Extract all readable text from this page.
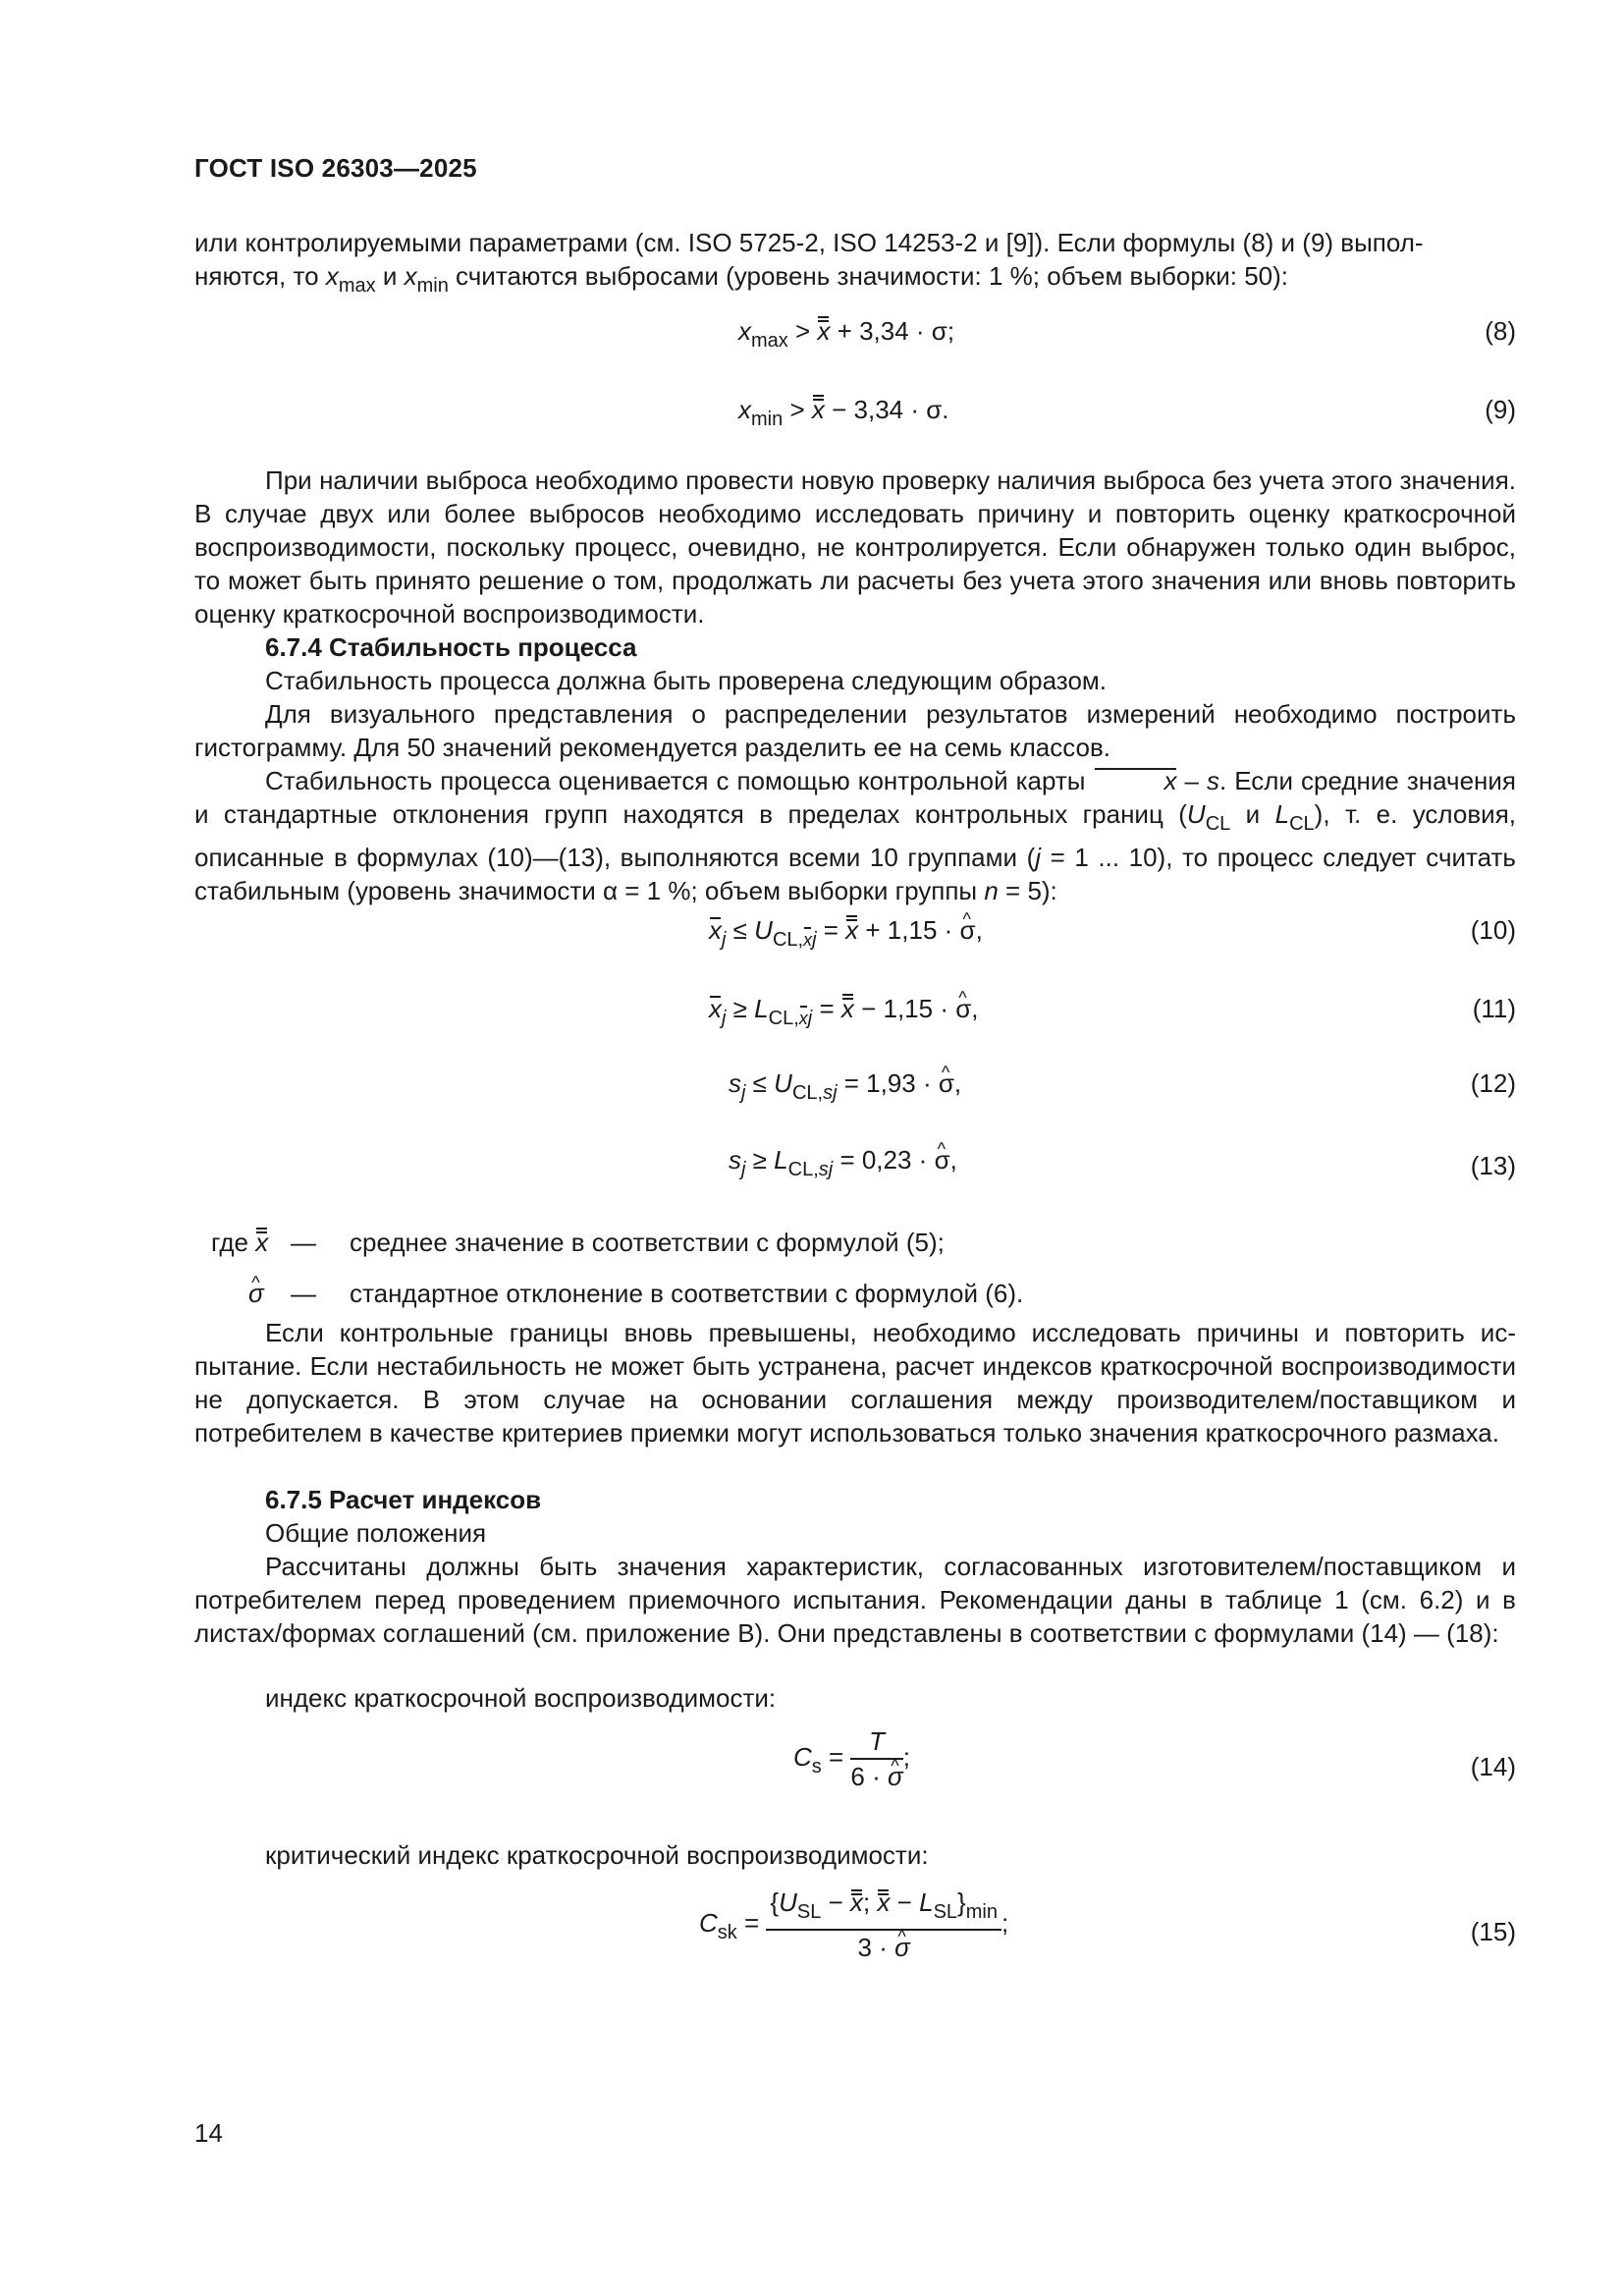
ГОСТ ISO 26303—2025
или контролируемыми параметрами (см. ISO 5725-2, ISO 14253-2 и [9]). Если формулы (8) и (9) выпол-
няются, то $x_{max}$ и $x_{min}$ считаются выбросами (уровень значимости: 1 %; объем выборки: 50):
$x_{max} > x + 3,34 \cdot \sigma$;	(8)
$x_{min} > x - 3,34 \cdot \sigma$.	(9)
При наличии выброса необходимо провести новую проверку наличия выброса без учета этого значения. В случае двух или более выбросов необходимо исследовать причину и повторить оценку краткосрочной воспроизводимости, поскольку процесс, очевидно, не контролируется. Если обнаружен только один выброс, то может быть принято решение о том, продолжать ли расчеты без учета этого значения или вновь повторить оценку краткосрочной воспроизводимости.
6.7.4 Стабильность процесса
Стабильность процесса должна быть проверена следующим образом.
Для визуального представления о распределении результатов измерений необходимо построить гистограмму. Для 50 значений рекомендуется разделить ее на семь классов.
Стабильность процесса оценивается с помощью контрольной карты	x – s. Если средние значения и стандартные отклонения групп находятся в пределах контрольных границ ($U_{CL}$ и $L_{CL}$), т. е. условия, описанные в формулах (10)—(13), выполняются всеми 10 группами (j = 1 ... 10), то процесс следует считать стабильным (уровень значимости α = 1 %; объем выборки группы n = 5):
$x_j \le U_{CL,xj} = x + 1,15$ · ^ σ,	(10)
$x_j \ge L_{CL,xj} = x - 1,15$ · ^ σ,	(11)
$s_j \le U_{CL,sj} = 1,93$ · ^ σ,	(12)
$s_j \ge L_{CL,sj} = 0,23$ · ^ σ,	(13)
где x — среднее значение в соответствии с формулой (5);
^ σ — стандартное отклонение в соответствии с формулой (6).
Если контрольные границы вновь превышены, необходимо исследовать причины и повторить испытание. Если нестабильность не может быть устранена, расчет индексов краткосрочной воспроизводимости не допускается. В этом случае на основании соглашения между производителем/поставщиком и потребителем в качестве критериев приемки могут использоваться только значения краткосрочного размаха.
6.7.5 Расчет индексов
Общие положения
Рассчитаны должны быть значения характеристик, согласованных изготовителем/поставщиком и потребителем перед проведением приемочного испытания. Рекомендации даны в таблице 1 (см. 6.2) и в листах/формах соглашений (см. приложение В). Они представлены в соответствии с формулами (14) — (18):
индекс краткосрочной воспроизводимости:
$C_s = \frac{T}{6 \cdot \^{} \sigma}$ ;	(14)
критический индекс краткосрочной воспроизводимости:
$C_{sk} = \frac{\{U_{SL} - x; x - L_{SL}\}_{min}}{3 \cdot \^{} \sigma}$ ;	(15)
14
